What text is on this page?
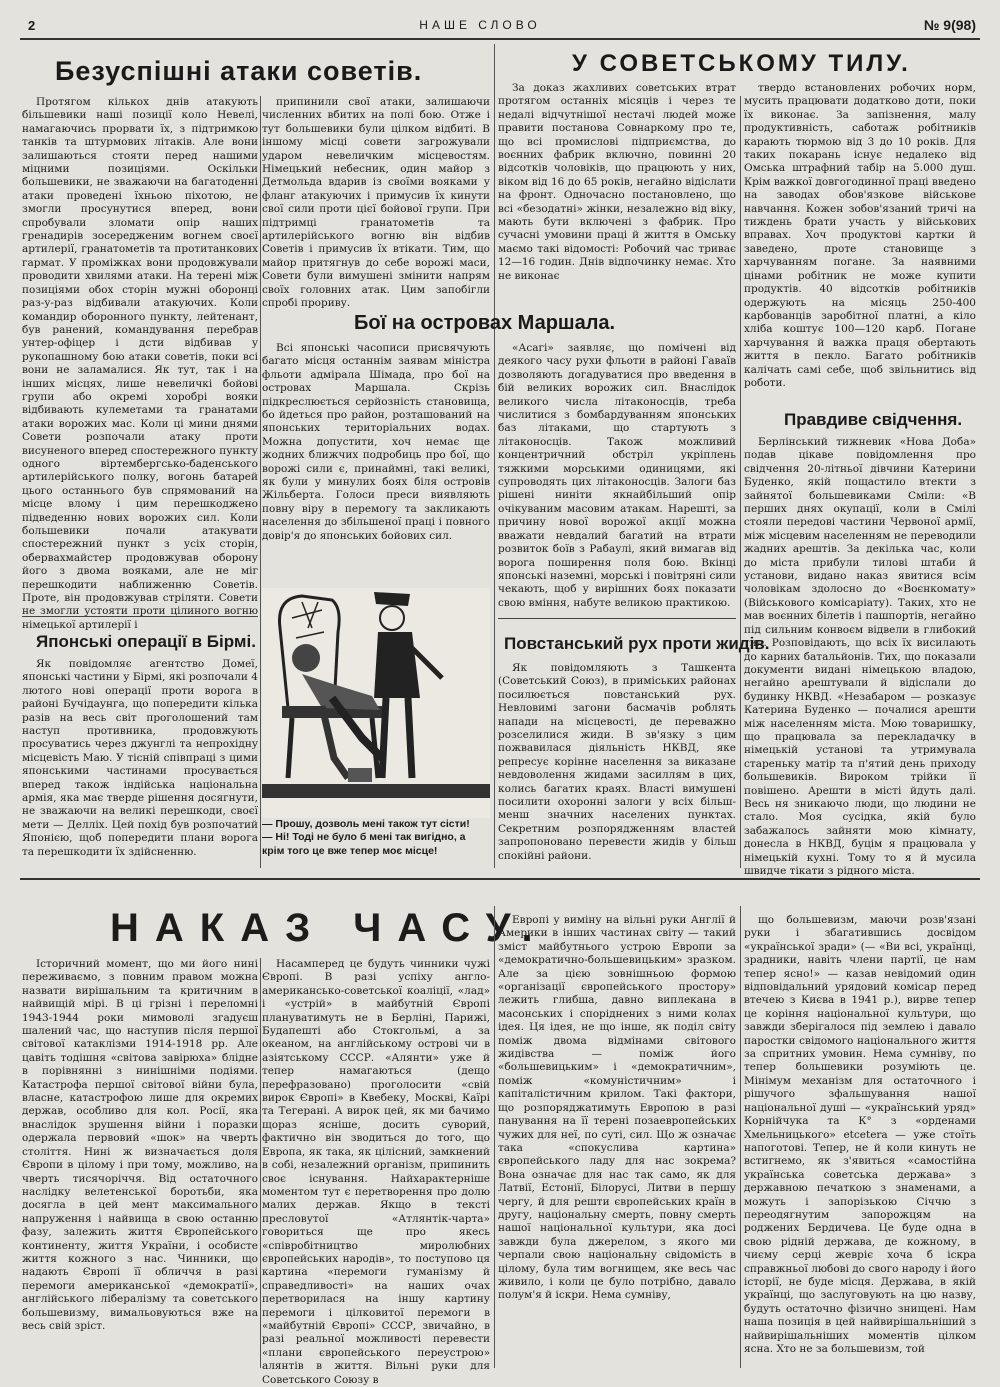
2	НАШЕ СЛОВО	№ 9(98)
Безуспішні атаки советів.

Протягом кількох днів атакують більшевики наші позиції коло Невелі, намагаючись прорвати їх, з підтримкою танків та штурмових літаків. Але вони залишаються стояти перед нашими міцними позиціями. Оскільки большевики, не зважаючи на багатоденні атаки проведені їхньою піхотою, не змогли просунутися вперед, вони спробували зломати опір наших гренадирів зосередженим вогнем своєї артилерії, гранатометів та протитанкових гармат. У проміжках вони продовжували проводити хвилями атаки. На терені між позиціями обох сторін мужні оборонці раз-у-раз відбивали атакуючих. Коли командир оборонного пункту, лейтенант, був ранений, командування перебрав унтер-офіцер і дсти відбивав у рукопашному бою атаки советів, поки всі вони не заламалися. Як тут, так і на інших місцях, лише невеличкі бойові групи або окремі хоробрі вояки відбивають кулеметами та гранатами атаки ворожих мас. Коли ці мини днями Совети розпочали атаку проти висуненого вперед спостережного пункту одного віртембергсько-баденського артилерійського полку, вогонь батарей цього останнього був спрямований на місце вломy і цим перешкоджено підведенню нових ворожих сил. Коли большевики почали атакувати спостережний пункт з усіх сторін, обервахмайстер продовжував оборону його з двома вояками, але не міг перешкодити наближенню Советів. Проте, він продовжував стріляти. Совети не змогли устояти проти цілиного вогню німецької артилерії і

припинили свої атаки, залишаючи численних вбитих на полі бою. Отже і тут большевики були цілком відбиті. В іншому місці совети загрожували ударом невеличким місцевостям. Німецький небесник, один майор з Детмольда вдарив із своїми вояками у фланг атакуючих і примусив їх кинути свої сили проти цієї бойової групи. При підтримці гранатометів та артилерійського вогню він відбив Советів і примусив їх втікати. Тим, що майор притягнув до себе ворожі маси, Совети були вимушені змінити напрям своїх головних атак. Цим запобігли спробі прориву.

У СОВЕТСЬКОМУ ТИЛУ.

За доказ жахливих советських втрат протягом останніх місяців і через те недалі відчутнішої нестачі людей може правити постанова Совнаркому про те, що всі промислові підприємства, до воєнних фабрик включно, повинні 20 відсотків чоловіків, що працюють у них, віком від 16 до 65 років, негайно відіслати на фронт. Одночасно постановлено, що всі «безодатні» жінки, незалежно від віку, мають бути включені з фабрик. Про сучасні умовини праці й життя в Омську маємо такі відомості: Робочий час триває 12—16 годин. Днів відпочинку немає. Хто не виконає

твердо встановлених робочих норм, мусить працювати додатково доти, поки їх виконає. За запізнення, малу продуктивність, саботаж робітників карають тюрмою від 3 до 10 років. Для таких покарань існує недалеко від Омська штрафний табір на 5.000 душ. Крім важкої довгогодинної праці введено на заводах обов'язкове військове навчання. Кожен зобов'язаний тричі на тиждень брати участь у військових вправах. Хоч продуктові картки й заведено, проте становище з харчуванням погане. За наявними цінами робітник не може купити продуктів. 40 відсотків робітників одержують на місяць 250-400 карбованців заробітної платні, а кіло хліба коштує 100—120 карб. Погане харчування й важка праця обертають життя в пекло. Багато робітників калічать самі себе, щоб звільнитись від роботи.

Бої на островах Маршала.

Всі японські часописи присвячують багато місця останнім заявам міністра фльоти адмірала Шімада, про бої на островах Маршала. Скрізь підкреслюється серйозність становища, бо йдеться про район, розташований на японських територіальних водах. Можна допустити, хоч немає ще жодних ближчих подробиць про бої, що ворожі сили є, принаймні, такі великі, як були у минулих боях біля островів Жільберта. Голоси преси виявляють повну віру в перемогу та закликають населення до збільшеної праці і повного довір'я до японських бойових сил.

«Асагі» заявляє, що помічені від деякого часу рухи фльоти в районі Гаваїв дозволяють догадуватися про введення в бій великих ворожих сил. Внаслідок великого числа літаконосців, треба числитися з бомбардуванням японських баз літаками, що стартують з літаконосців. Також можливий концентричний обстріл укріплень тяжкими морськими одиницями, які супроводять цих літаконосців. Залоги баз рішені ниніти якнайбільший опір очікуваним масовим атакам. Нарешті, за причину нової ворожої акції можна вважати невдалий багатий на втрати розвиток боїв з Рабаулі, який вимагав від ворога поширення поля бою. Вкінці японські наземні, морські і повітряні сили чекають, щоб у вирішних боях показати свою вміння, набуте великою практикою.

Японські операції в Бірмі.

Як повідомляє агентство Домеї, японські частини у Бірмі, які розпочали 4 лютого нові операції проти ворога в районі Бучідаунга, що попередити кілька разів на весь світ проголошений там наступ противника, продовжують просуватись через джунглі та непрохідну місцевість Маю. У тісній співпраці з цими японськими частинами просувається вперед також індійська національна армія, яка має тверде рішення досягнути, не зважаючи на великі перешкоди, своєї мети — Делліх. Цей похід був розпочатий Японією, щоб попередити плани ворога та перешкодити їх здійсненню.

— Прошу, дозволь мені також тут сісти!
— Ні! Тоді не було б мені так вигідно, а крім того це вже тепер моє місце!
Повстанський рух проти жидів.

Як повідомляють з Ташкента (Советський Союз), в приміських районах посилюється повстанський рух. Невловимі загони басмачів роблять напади на місцевості, де переважно розселилися жиди. В зв'язку з цим пожвавилася діяльність НКВД, яке репресує корінне населення за виказане невдоволення жидами засиллям в цих, колись багатих краях. Власті вимушені посилити охоронні залоги у всіх більш-менш значних населених пунктах. Секретним розпорядженням властей запропоновано перевести жидів у більш спокійні райони.

Правдиве свідчення.

Берлінський тижневик «Нова Доба» подав цікаве повідомлення про свідчення 20-літньої дівчини Катерини Буденко, якій пощастило втекти з зайнятої большевиками Сміли: «В перших днях окупації, коли в Смілі стояли передові частини Червоної армії, між місцевим населенням не переводили жадних арештів. За декілька час, коли до міста прибули тилові штаби й установи, видано наказ явитися всім чоловікам здолосно до «Воєнкомату» (Військового комісаріату). Таких, хто не мав воєнних білетів і пашпортів, негайно під сильним конвоєм відвели в глибокий тил. Розповідають, що всіх їх висилають до карних батальйонів. Тих, що показали документи видані німецькою владою, негайно арештували й відіслали до будинку НКВД. «Незабаром — розказує Катерина Буденко — почалися арешти між населенням міста. Мою товаришку, що працювала за перекладачку в німецькій установі та утримувала стареньку матір та п'ятий день приходу большевиків. Вироком трійки її повішено. Арешти в місті йдуть далі. Весь ня зникаючо люди, що людини не стало. Моя сусідка, якій було забажалось зайняти мою кімнату, донесла в НКВД, буцім я працювала у німецькій кухні. Тому то я й мусила швидче тікати з рідного міста.

НАКАЗ ЧАСУ.

Історичний момент, що ми його нині переживаємо, з повним правом можна назвати вирішальним та критичним в найвищій мірі. В ці грізні і переломні 1943-1944 роки мимоволі згадуєш шалений час, що наступив після першої світової катаклізми 1914-1918 рр. Але цавіть тодішня «світова завірюха» блідне в порівнянні з нинішніми подіями. Катастрофа першої світової війни була, власне, катастрофою лише для окремих держав, особливо для кол. Росії, яка внаслідок зрушення війни і поразки одержала первовий «шок» на чверть століття. Нині ж визначається доля Європи в цілому і при тому, можливо, на чверть тисячоріччя. Від остаточного наслідку велетенської боротьби, яка досягла в цей мент максимального напруження і найвища в свою останню фазу, залежить життя Європейського континенту, життя України, і особисте життя кожного з нас. Чинники, що надають Європі її обличчя в разі перемоги американської «демократії», англійського лібералізму та советського большевизму, вимальовуються вже на весь свій зріст.

Насамперед це будуть чинники чужі Європі. В разі успіху англо-американсько-советської коаліції, «лад» і «устрій» в майбутній Європі плануватимуть не в Берліні, Парижі, Будапешті або Стокгольмі, а за океаном, на англійському острові чи в азіятському СССР. «Алянти» уже й тепер намагаються (дещо перефразовано) проголосити «свій вирок Європі» в Квебеку, Москві, Каїрі та Тегерані. А вирок цей, як ми бачимо щораз ясніше, досить суворий, фактично він зводиться до того, що Европа, як така, як цілісний, замкнений в собі, незалежний організм, припинить своє існування. Найхарактерніше моментом тут є перетворення про долю малих держав. Якщо в тексті пресловутої «Атлянтік-чарта» говориться ще про якесь «співробітництво миролюбних європейських народів», то поступово ця картина «перемоги гуманізму й справедливості» на наших очах перетворилася на іншу картину перемоги і цілковитої перемоги в «майбутній Європі» СССР, звичайно, в разі реальної можливості перевести «плани європейського переустрою» алянтів в життя. Вільні руки для Советського Союзу в

Европі у виміну на вільні руки Англії й Америки в інших частинах світу — такий зміст майбутнього устрою Европи за «демократично-большевицьким» зразком. Але за цією зовнішньою формою «організації європейського простору» лежить глибша, давно виплекана в масонських і споріднених з ними колах ідея. Ця ідея, не що інше, як поділ світу поміж двома відмінами світового жидівства — поміж його «большевицьким» і «демократичним», поміж «комуністичним» і капіталістичним крилом. Такі фактори, що розпоряджатимуть Европою в разі панування на її терені позаевропейських чужих для неї, по суті, сил. Що ж означає така «спокуслива картина» європейського ладу для нас зокрема? Вона означає для нас так само, як для Латвії, Естонії, Білорусі, Литви в першу чергу, й для решти європейських країн в другу, національну смерть, повну смерть нашої національної культури, яка досі завжди була джерелом, з якого ми черпали свою національну свідомість в цілому, була тим вогнищем, яке весь час живило, і коли це було потрібно, давало полум'я й іскри. Нема сумніву,

що большевизм, маючи розв'язані руки і збагатившись досвідом «української зради» (— «Ви всі, українці, зрадники, навіть члени партії, це нам тепер ясно!» — казав невідомий один відповідальний урядовий комісар перед втечею з Києва в 1941 р.), вирве тепер це коріння національної культури, що завжди зберігалося під землею і давало паростки свідомого національного життя за спритних умовин. Нема сумніву, по тепер большевики розуміють це. Мінімум механізм для остаточного і рішучого зфальшування нашої національної душі — «український уряд» Корнійчука та К° з «орденами Хмельницького» etcetera — уже стоїть напоготові. Тепер, не й коли кинуть не встигнемо, як з'явиться «самостійна українська советська держава» з державною печаткою з знаменами, а можуть і запорізькою Січчю з переодягнутим запорожцям на роджених Бердичева. Це буде одна в свою рідній держава, де кожному, в чиєму серці жевріє хоча б іскра справжньої любові до свого народу і його історії, не буде місця. Держава, в якій українці, що заслуговують на цю назву, будуть остаточно фізично знищені. Нам наша позиція в цей найвирішальніший з найвирішальніших моментів цілком ясна. Хто не за большевизм, той
